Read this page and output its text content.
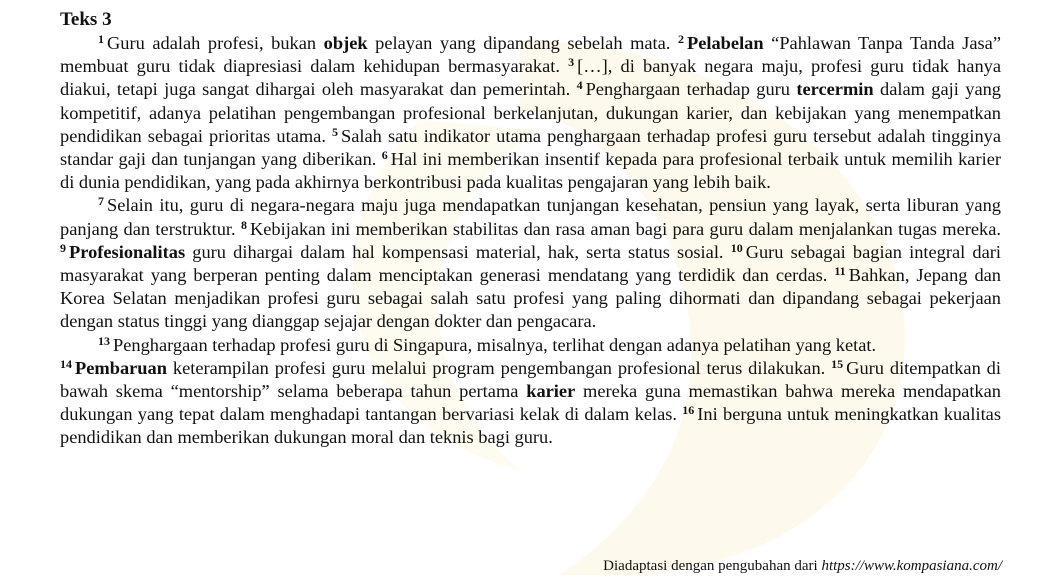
Teks 3

$^1$ Guru adalah profesi, bukan objek pelayan yang dipandang sebelah mata. $^2$ Pelabelan “Pahlawan Tanpa Tanda Jasa” membuat guru tidak diapresiasi dalam kehidupan bermasyarakat. $^3$ […], di banyak negara maju, profesi guru tidak hanya diakui, tetapi juga sangat dihargai oleh masyarakat dan pemerintah. $^4$ Penghargaan terhadap guru tercermin dalam gaji yang kompetitif, adanya pelatihan pengembangan profesional berkelanjutan, dukungan karier, dan kebijakan yang menempatkan pendidikan sebagai prioritas utama. $^5$ Salah satu indikator utama penghargaan terhadap profesi guru tersebut adalah tingginya standar gaji dan tunjangan yang diberikan. $^6$ Hal ini memberikan insentif kepada para profesional terbaik untuk memilih karier di dunia pendidikan, yang pada akhirnya berkontribusi pada kualitas pengajaran yang lebih baik.

$^7$ Selain itu, guru di negara-negara maju juga mendapatkan tunjangan kesehatan, pensiun yang layak, serta liburan yang panjang dan terstruktur. $^8$ Kebijakan ini memberikan stabilitas dan rasa aman bagi para guru dalam menjalankan tugas mereka. $^9$ Profesionalitas guru dihargai dalam hal kompensasi material, hak, serta status sosial. $^{10}$ Guru sebagai bagian integral dari masyarakat yang berperan penting dalam menciptakan generasi mendatang yang terdidik dan cerdas. $^{11}$ Bahkan, Jepang dan Korea Selatan menjadikan profesi guru sebagai salah satu profesi yang paling dihormati dan dipandang sebagai pekerjaan dengan status tinggi yang dianggap sejajar dengan dokter dan pengacara.

$^{13}$ Penghargaan terhadap profesi guru di Singapura, misalnya, terlihat dengan adanya pelatihan yang ketat.

$^{14}$ Pembaruan keterampilan profesi guru melalui program pengembangan profesional terus dilakukan. $^{15}$ Guru ditempatkan di bawah skema “mentorship” selama beberapa tahun pertama karier mereka guna memastikan bahwa mereka mendapatkan dukungan yang tepat dalam menghadapi tantangan bervariasi kelak di dalam kelas. $^{16}$ Ini berguna untuk meningkatkan kualitas pendidikan dan memberikan dukungan moral dan teknis bagi guru.

Diadaptasi dengan pengubahan dari https://www.kompasiana.com/
